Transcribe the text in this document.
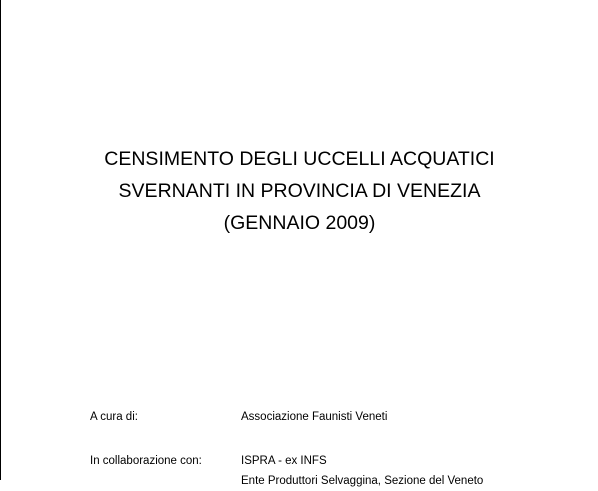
CENSIMENTO DEGLI UCCELLI ACQUATICI
SVERNANTI IN PROVINCIA DI VENEZIA
(GENNAIO 2009)
A cura di:	Associazione Faunisti Veneti
In collaborazione con:	ISPRA - ex INFS
Ente Produttori Selvaggina, Sezione del Veneto
